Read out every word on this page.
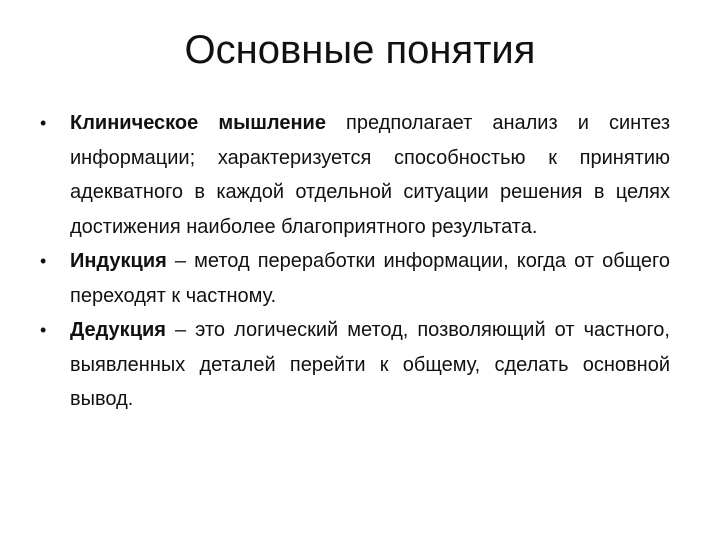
Основные понятия
•	Клиническое мышление предполагает анализ и синтез информации; характеризуется способностью к принятию адекватного в каждой отдельной ситуации решения в целях достижения наиболее благоприятного результата.
•	Индукция – метод переработки информации, когда от общего переходят к частному.
•	Дедукция – это логический метод, позволяющий от частного, выявленных деталей перейти к общему, сделать основной вывод.
